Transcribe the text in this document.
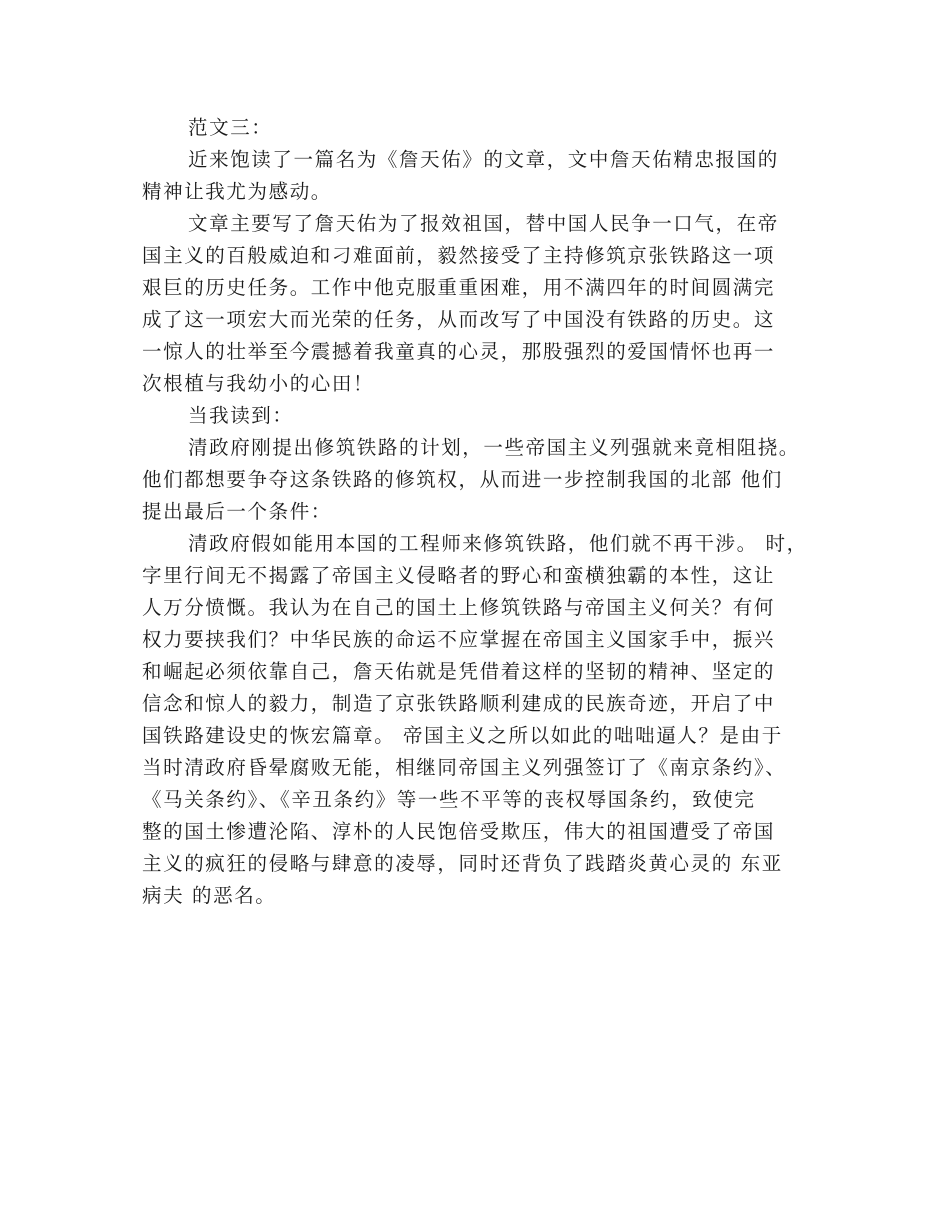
范文三：
近来饱读了一篇名为《詹天佑》的文章，文中詹天佑精忠报国的
精神让我尤为感动。
文章主要写了詹天佑为了报效祖国，替中国人民争一口气，在帝
国主义的百般威迫和刁难面前，毅然接受了主持修筑京张铁路这一项
艰巨的历史任务。工作中他克服重重困难，用不满四年的时间圆满完
成了这一项宏大而光荣的任务，从而改写了中国没有铁路的历史。这
一惊人的壮举至今震撼着我童真的心灵，那股强烈的爱国情怀也再一
次根植与我幼小的心田！
当我读到：
清政府刚提出修筑铁路的计划，一些帝国主义列强就来竟相阻挠。
他们都想要争夺这条铁路的修筑权，从而进一步控制我国的北部 他们
提出最后一个条件：
清政府假如能用本国的工程师来修筑铁路，他们就不再干涉。 时，
字里行间无不揭露了帝国主义侵略者的野心和蛮横独霸的本性，这让
人万分愤慨。我认为在自己的国土上修筑铁路与帝国主义何关？有何
权力要挟我们？中华民族的命运不应掌握在帝国主义国家手中，振兴
和崛起必须依靠自己，詹天佑就是凭借着这样的坚韧的精神、坚定的
信念和惊人的毅力，制造了京张铁路顺利建成的民族奇迹，开启了中
国铁路建设史的恢宏篇章。 帝国主义之所以如此的咄咄逼人？是由于
当时清政府昏晕腐败无能，相继同帝国主义列强签订了《南京条约》、
《马关条约》、《辛丑条约》等一些不平等的丧权辱国条约，致使完
整的国土惨遭沦陷、淳朴的人民饱倍受欺压，伟大的祖国遭受了帝国
主义的疯狂的侵略与肆意的凌辱，同时还背负了践踏炎黄心灵的 东亚
病夫 的恶名。
